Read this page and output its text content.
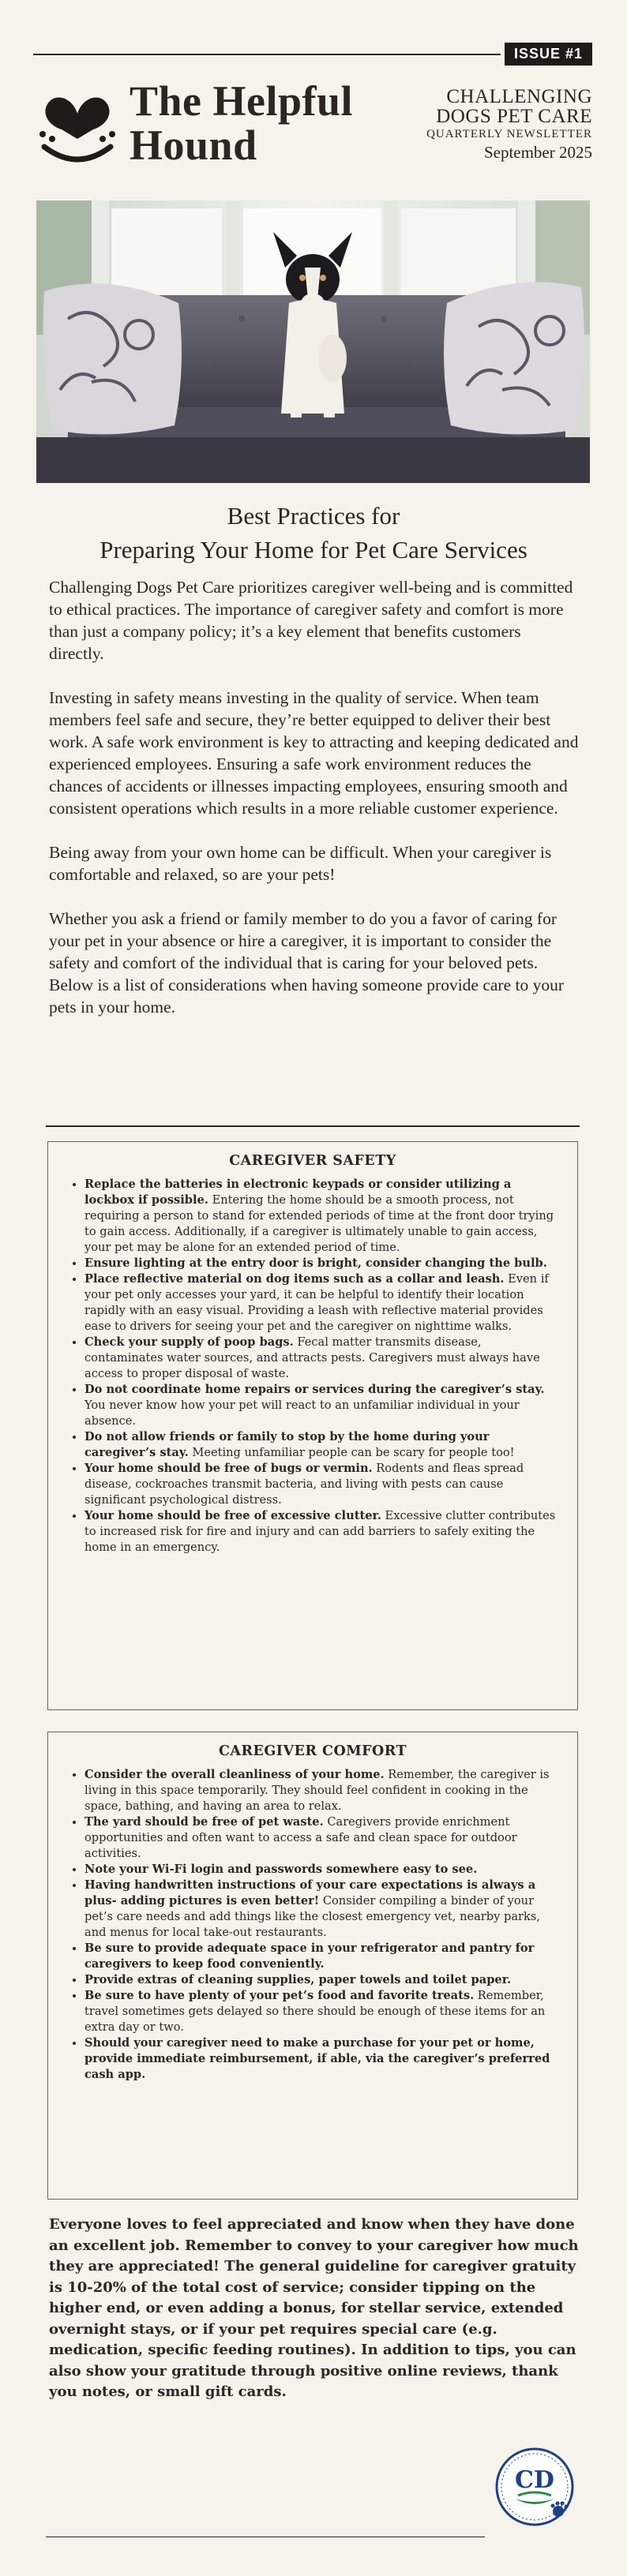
ISSUE #1
The Helpful
Hound
CHALLENGING
DOGS PET CARE
QUARTERLY NEWSLETTER
September 2025
Best Practices for
Preparing Your Home for Pet Care Services

Challenging Dogs Pet Care prioritizes caregiver well-being and is committed to ethical practices. The importance of caregiver safety and comfort is more than just a company policy; it’s a key element that benefits customers directly.

Investing in safety means investing in the quality of service. When team members feel safe and secure, they’re better equipped to deliver their best work. A safe work environment is key to attracting and keeping dedicated and experienced employees. Ensuring a safe work environment reduces the chances of accidents or illnesses impacting employees, ensuring smooth and consistent operations which results in a more reliable customer experience.

Being away from your own home can be difficult. When your caregiver is comfortable and relaxed, so are your pets!

Whether you ask a friend or family member to do you a favor of caring for your pet in your absence or hire a caregiver, it is important to consider the safety and comfort of the individual that is caring for your beloved pets. Below is a list of considerations when having someone provide care to your pets in your home.

CAREGIVER SAFETY
• Replace the batteries in electronic keypads or consider utilizing a lockbox if possible. Entering the home should be a smooth process, not requiring a person to stand for extended periods of time at the front door trying to gain access. Additionally, if a caregiver is ultimately unable to gain access, your pet may be alone for an extended period of time.
• Ensure lighting at the entry door is bright, consider changing the bulb.
• Place reflective material on dog items such as a collar and leash. Even if your pet only accesses your yard, it can be helpful to identify their location rapidly with an easy visual. Providing a leash with reflective material provides ease to drivers for seeing your pet and the caregiver on nighttime walks.
• Check your supply of poop bags. Fecal matter transmits disease, contaminates water sources, and attracts pests. Caregivers must always have access to proper disposal of waste.
• Do not coordinate home repairs or services during the caregiver’s stay. You never know how your pet will react to an unfamiliar individual in your absence.
• Do not allow friends or family to stop by the home during your caregiver’s stay. Meeting unfamiliar people can be scary for people too!
• Your home should be free of bugs or vermin. Rodents and fleas spread disease, cockroaches transmit bacteria, and living with pests can cause significant psychological distress.
• Your home should be free of excessive clutter. Excessive clutter contributes to increased risk for fire and injury and can add barriers to safely exiting the home in an emergency.
CAREGIVER COMFORT
• Consider the overall cleanliness of your home. Remember, the caregiver is living in this space temporarily. They should feel confident in cooking in the space, bathing, and having an area to relax.
• The yard should be free of pet waste. Caregivers provide enrichment opportunities and often want to access a safe and clean space for outdoor activities.
• Note your Wi-Fi login and passwords somewhere easy to see.
• Having handwritten instructions of your care expectations is always a plus- adding pictures is even better! Consider compiling a binder of your pet’s care needs and add things like the closest emergency vet, nearby parks, and menus for local take-out restaurants.
• Be sure to provide adequate space in your refrigerator and pantry for caregivers to keep food conveniently.
• Provide extras of cleaning supplies, paper towels and toilet paper.
• Be sure to have plenty of your pet’s food and favorite treats. Remember, travel sometimes gets delayed so there should be enough of these items for an extra day or two.
• Should your caregiver need to make a purchase for your pet or home, provide immediate reimbursement, if able, via the caregiver’s preferred cash app.
Everyone loves to feel appreciated and know when they have done an excellent job. Remember to convey to your caregiver how much they are appreciated! The general guideline for caregiver gratuity is 10-20% of the total cost of service; consider tipping on the higher end, or even adding a bonus, for stellar service, extended overnight stays, or if your pet requires special care (e.g. medication, specific feeding routines). In addition to tips, you can also show your gratitude through positive online reviews, thank you notes, or small gift cards.
CD
